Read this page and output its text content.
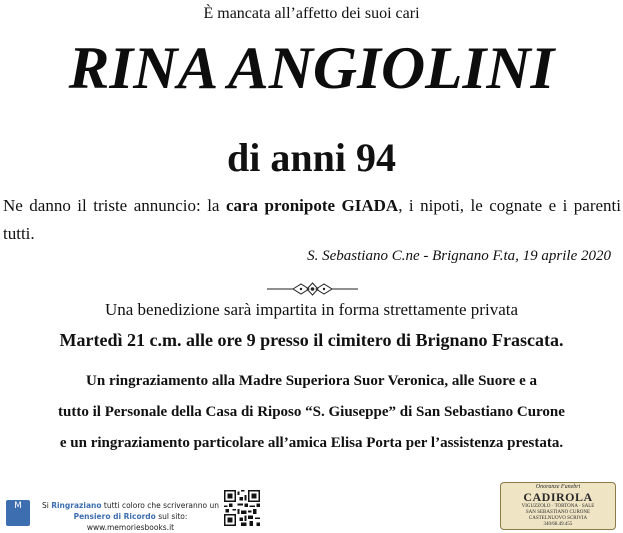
È mancata all’affetto dei suoi cari
RINA ANGIOLINI
di anni 94
Ne danno il triste annuncio: la cara pronipote GIADA, i nipoti, le cognate e i parenti tutti.
S. Sebastiano C.ne - Brignano F.ta, 19 aprile 2020
Una benedizione sarà impartita in forma strettamente privata
Martedì 21 c.m. alle ore 9 presso il cimitero di Brignano Frascata.
Un ringraziamento alla Madre Superiora Suor Veronica, alle Suore e a
tutto il Personale della Casa di Riposo “S. Giuseppe” di San Sebastiano Curone
e un ringraziamento particolare all’amica Elisa Porta per l’assistenza prestata.
M	Si Ringraziano tutti coloro che scriveranno un
Pensiero di Ricordo sul sito: www.memoriesbooks.it
Onoranze Funebri
CADIROLA
VIGUZZOLO · TORTONA · SALE
SAN SEBASTIANO CURONE
CASTELNUOVO SCRIVIA
340/68.49.455
